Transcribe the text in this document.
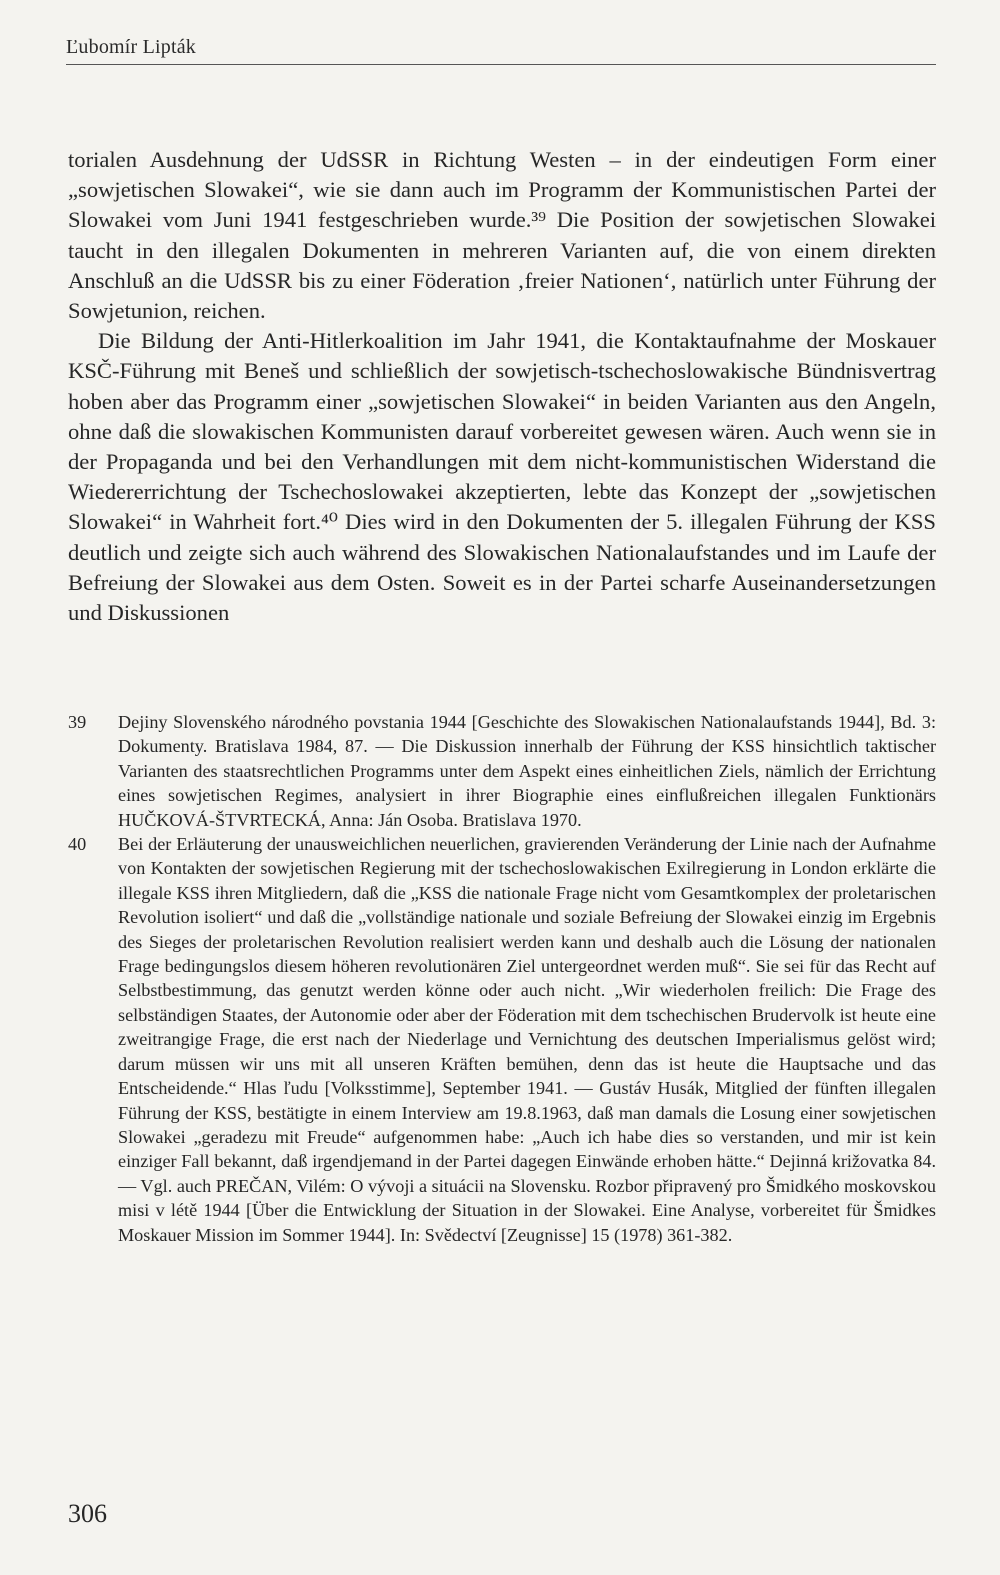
Ľubomír Lipták

torialen Ausdehnung der UdSSR in Richtung Westen – in der eindeutigen Form einer „sowjetischen Slowakei“, wie sie dann auch im Programm der Kommunistischen Partei der Slowakei vom Juni 1941 festgeschrieben wurde.³⁹ Die Position der sowjetischen Slowakei taucht in den illegalen Dokumenten in mehreren Varianten auf, die von einem direkten Anschluß an die UdSSR bis zu einer Föderation ‚freier Nationen‘, natürlich unter Führung der Sowjetunion, reichen.

Die Bildung der Anti-Hitlerkoalition im Jahr 1941, die Kontaktaufnahme der Moskauer KSČ-Führung mit Beneš und schließlich der sowjetisch-tschechoslowakische Bündnisvertrag hoben aber das Programm einer „sowjetischen Slowakei“ in beiden Varianten aus den Angeln, ohne daß die slowakischen Kommunisten darauf vorbereitet gewesen wären. Auch wenn sie in der Propaganda und bei den Verhandlungen mit dem nicht-kommunistischen Widerstand die Wiedererrichtung der Tschechoslowakei akzeptierten, lebte das Konzept der „sowjetischen Slowakei“ in Wahrheit fort.⁴⁰ Dies wird in den Dokumenten der 5. illegalen Führung der KSS deutlich und zeigte sich auch während des Slowakischen Nationalaufstandes und im Laufe der Befreiung der Slowakei aus dem Osten. Soweit es in der Partei scharfe Auseinandersetzungen und Diskussionen

39 Dejiny Slovenského národného povstania 1944 [Geschichte des Slowakischen Nationalaufstands 1944], Bd. 3: Dokumenty. Bratislava 1984, 87. — Die Diskussion innerhalb der Führung der KSS hinsichtlich taktischer Varianten des staatsrechtlichen Programms unter dem Aspekt eines einheitlichen Ziels, nämlich der Errichtung eines sowjetischen Regimes, analysiert in ihrer Biographie eines einflußreichen illegalen Funktionärs HUČKOVÁ-ŠTVRTECKÁ, Anna: Ján Osoba. Bratislava 1970.
40 Bei der Erläuterung der unausweichlichen neuerlichen, gravierenden Veränderung der Linie nach der Aufnahme von Kontakten der sowjetischen Regierung mit der tschechoslowakischen Exilregierung in London erklärte die illegale KSS ihren Mitgliedern, daß die „KSS die nationale Frage nicht vom Gesamtkomplex der proletarischen Revolution isoliert“ und daß die „vollständige nationale und soziale Befreiung der Slowakei einzig im Ergebnis des Sieges der proletarischen Revolution realisiert werden kann und deshalb auch die Lösung der nationalen Frage bedingungslos diesem höheren revolutionären Ziel untergeordnet werden muß“. Sie sei für das Recht auf Selbstbestimmung, das genutzt werden könne oder auch nicht. „Wir wiederholen freilich: Die Frage des selbständigen Staates, der Autonomie oder aber der Föderation mit dem tschechischen Brudervolk ist heute eine zweitrangige Frage, die erst nach der Niederlage und Vernichtung des deutschen Imperialismus gelöst wird; darum müssen wir uns mit all unseren Kräften bemühen, denn das ist heute die Hauptsache und das Entscheidende.“ Hlas ľudu [Volksstimme], September 1941. — Gustáv Husák, Mitglied der fünften illegalen Führung der KSS, bestätigte in einem Interview am 19.8.1963, daß man damals die Losung einer sowjetischen Slowakei „geradezu mit Freude“ aufgenommen habe: „Auch ich habe dies so verstanden, und mir ist kein einziger Fall bekannt, daß irgendjemand in der Partei dagegen Einwände erhoben hätte.“ Dejinná križovatka 84. — Vgl. auch PREČAN, Vilém: O vývoji a situácii na Slovensku. Rozbor připravený pro Šmidkého moskovskou misi v létě 1944 [Über die Entwicklung der Situation in der Slowakei. Eine Analyse, vorbereitet für Šmidkes Moskauer Mission im Sommer 1944]. In: Svědectví [Zeugnisse] 15 (1978) 361-382.
306
